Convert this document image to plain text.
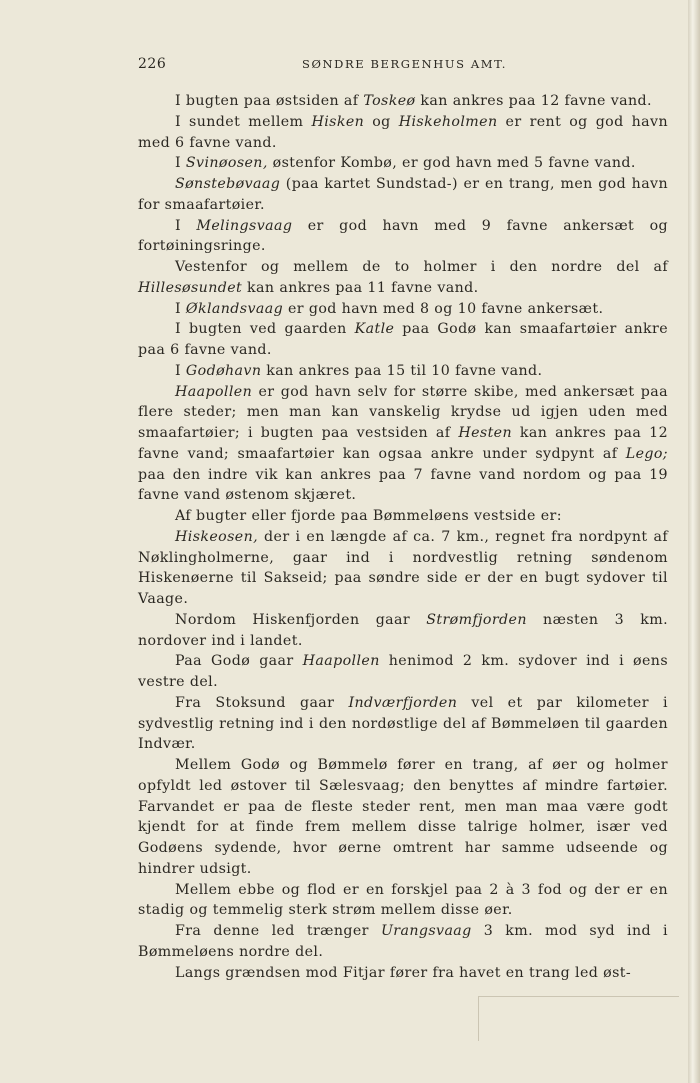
226	SØNDRE BERGENHUS AMT.

I bugten paa østsiden af Toskeø kan ankres paa 12 favne vand.

I sundet mellem Hisken og Hiskeholmen er rent og god havn med 6 favne vand.

I Svinøosen, østenfor Kombø, er god havn med 5 favne vand.

Sønstebøvaag (paa kartet Sundstad-) er en trang, men god havn for smaafartøier.

I Melingsvaag er god havn med 9 favne ankersæt og fortøiningsringe.

Vestenfor og mellem de to holmer i den nordre del af Hillesøsundet kan ankres paa 11 favne vand.

I Øklandsvaag er god havn med 8 og 10 favne ankersæt.

I bugten ved gaarden Katle paa Godø kan smaafartøier ankre paa 6 favne vand.

I Godøhavn kan ankres paa 15 til 10 favne vand.

Haapollen er god havn selv for større skibe, med ankersæt paa flere steder; men man kan vanskelig krydse ud igjen uden med smaafartøier; i bugten paa vestsiden af Hesten kan ankres paa 12 favne vand; smaafartøier kan ogsaa ankre under sydpynt af Lego; paa den indre vik kan ankres paa 7 favne vand nordom og paa 19 favne vand østenom skjæret.

Af bugter eller fjorde paa Bømmeløens vestside er:

Hiskeosen, der i en længde af ca. 7 km., regnet fra nordpynt af Nøklingholmerne, gaar ind i nordvestlig retning søndenom Hiskenøerne til Sakseid; paa søndre side er der en bugt sydover til Vaage.

Nordom Hiskenfjorden gaar Strømfjorden næsten 3 km. nordover ind i landet.

Paa Godø gaar Haapollen henimod 2 km. sydover ind i øens vestre del.

Fra Stoksund gaar Indværfjorden vel et par kilometer i sydvestlig retning ind i den nordøstlige del af Bømmeløen til gaarden Indvær.

Mellem Godø og Bømmelø fører en trang, af øer og holmer opfyldt led østover til Sælesvaag; den benyttes af mindre fartøier. Farvandet er paa de fleste steder rent, men man maa være godt kjendt for at finde frem mellem disse talrige holmer, især ved Godøens sydende, hvor øerne omtrent har samme udseende og hindrer udsigt.

Mellem ebbe og flod er en forskjel paa 2 à 3 fod og der er en stadig og temmelig sterk strøm mellem disse øer.

Fra denne led trænger Urangsvaag 3 km. mod syd ind i Bømmeløens nordre del.

Langs grændsen mod Fitjar fører fra havet en trang led øst-
